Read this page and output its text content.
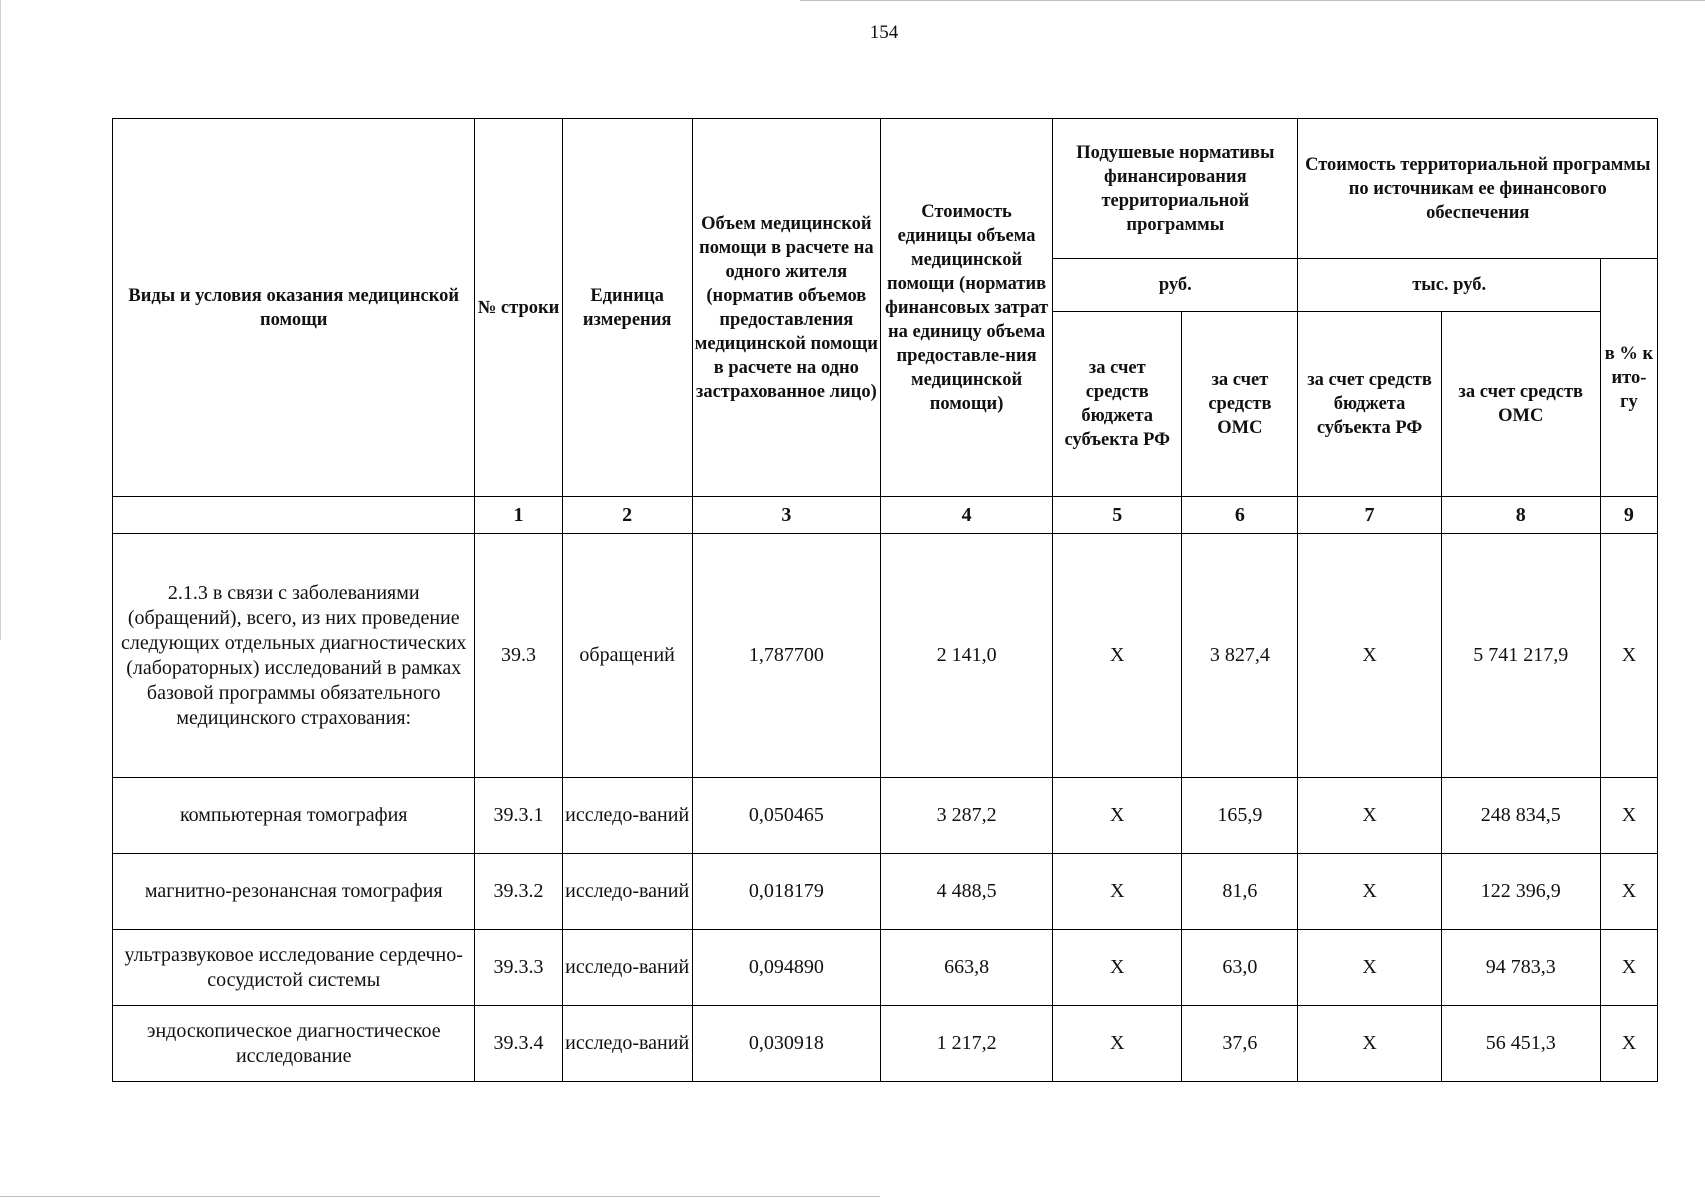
154
Виды и условия оказания медицинской помощи	№ строки	Единица измерения	Объем медицинской помощи в расчете на одного жителя (норматив объемов предоставления медицинской помощи в расчете на одно застрахованное лицо)	Стоимость единицы объема медицинской помощи (норматив финансовых затрат на единицу объема предоставле-ния медицинской помощи)	Подушевые нормативы финансирования территориальной программы		Стоимость территориальной программы по источникам ее финансового обеспечения		
					руб.		тыс. руб.		в % к ито-гу
					за счет средств бюджета субъекта РФ	за счет средств ОМС	за счет средств бюджета субъекта РФ	за счет средств ОМС	
	1	2	3	4	5	6	7	8	9
2.1.3 в связи с заболеваниями (обращений), всего, из них проведение следующих отдельных диагностических (лабораторных) исследований в рамках базовой программы обязательного медицинского страхования:	39.3	обращений	1,787700	2 141,0	Х	3 827,4	Х	5 741 217,9	Х
компьютерная томография	39.3.1	исследо-ваний	0,050465	3 287,2	Х	165,9	Х	248 834,5	Х
магнитно-резонансная томография	39.3.2	исследо-ваний	0,018179	4 488,5	Х	81,6	Х	122 396,9	Х
ультразвуковое исследование сердечно-сосудистой системы	39.3.3	исследо-ваний	0,094890	663,8	Х	63,0	Х	94 783,3	Х
эндоскопическое диагностическое исследование	39.3.4	исследо-ваний	0,030918	1 217,2	Х	37,6	Х	56 451,3	Х
